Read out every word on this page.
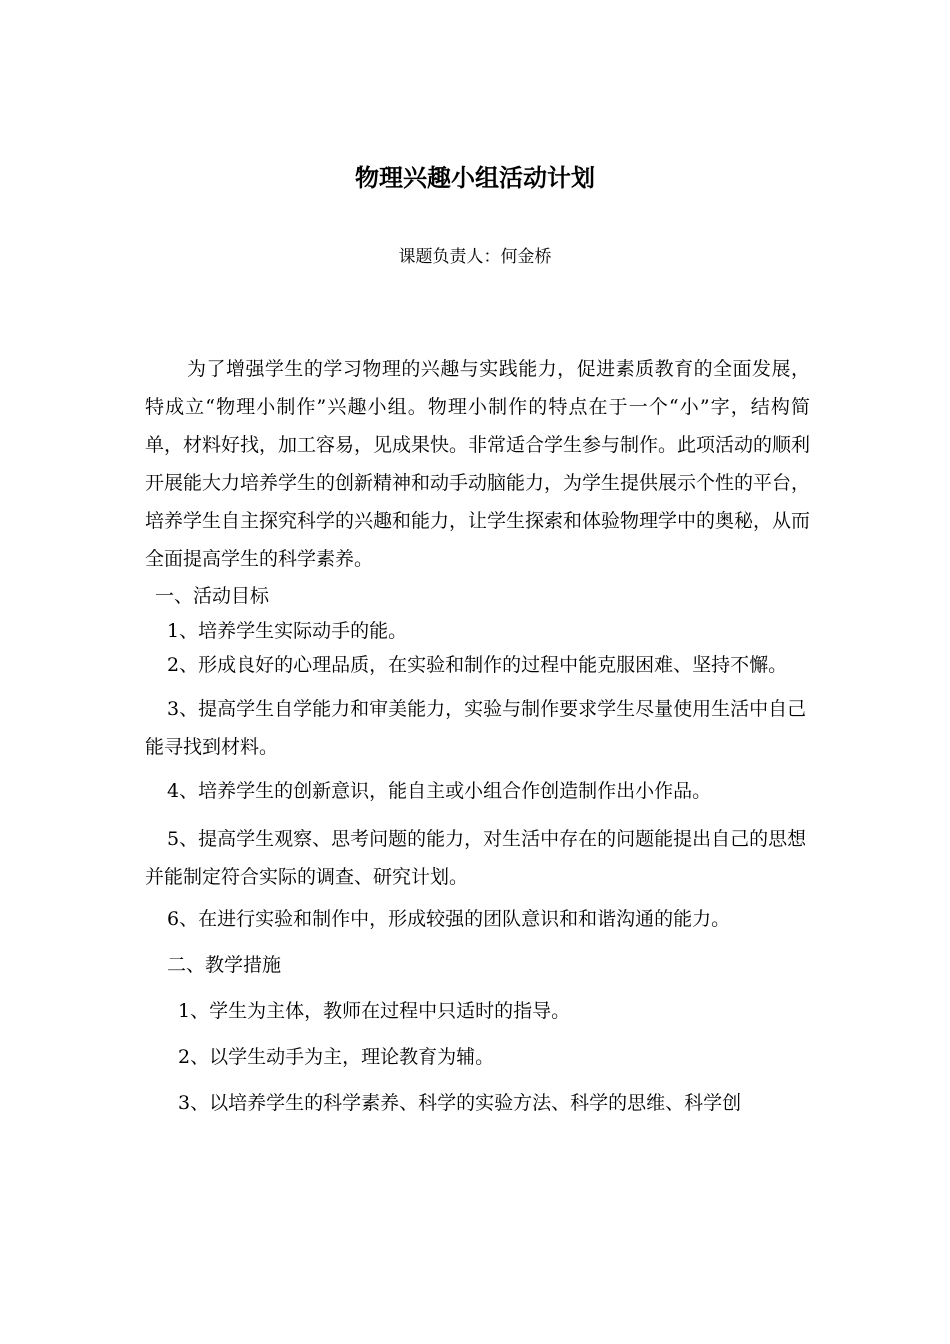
物理兴趣小组活动计划
课题负责人：何金桥

为了增强学生的学习物理的兴趣与实践能力，促进素质教育的全面发展，特成立“物理小制作”兴趣小组。物理小制作的特点在于一个“小”字，结构简单，材料好找，加工容易，见成果快。非常适合学生参与制作。此项活动的顺利开展能大力培养学生的创新精神和动手动脑能力，为学生提供展示个性的平台，培养学生自主探究科学的兴趣和能力，让学生探索和体验物理学中的奥秘，从而全面提高学生的科学素养。

一、活动目标

1、培养学生实际动手的能。

2、形成良好的心理品质，在实验和制作的过程中能克服困难、坚持不懈。

3、提高学生自学能力和审美能力，实验与制作要求学生尽量使用生活中自己能寻找到材料。

4、培养学生的创新意识，能自主或小组合作创造制作出小作品。

5、提高学生观察、思考问题的能力，对生活中存在的问题能提出自己的思想并能制定符合实际的调查、研究计划。

6、在进行实验和制作中，形成较强的团队意识和和谐沟通的能力。

二、教学措施

1、学生为主体，教师在过程中只适时的指导。

2、以学生动手为主，理论教育为辅。

3、以培养学生的科学素养、科学的实验方法、科学的思维、科学创
